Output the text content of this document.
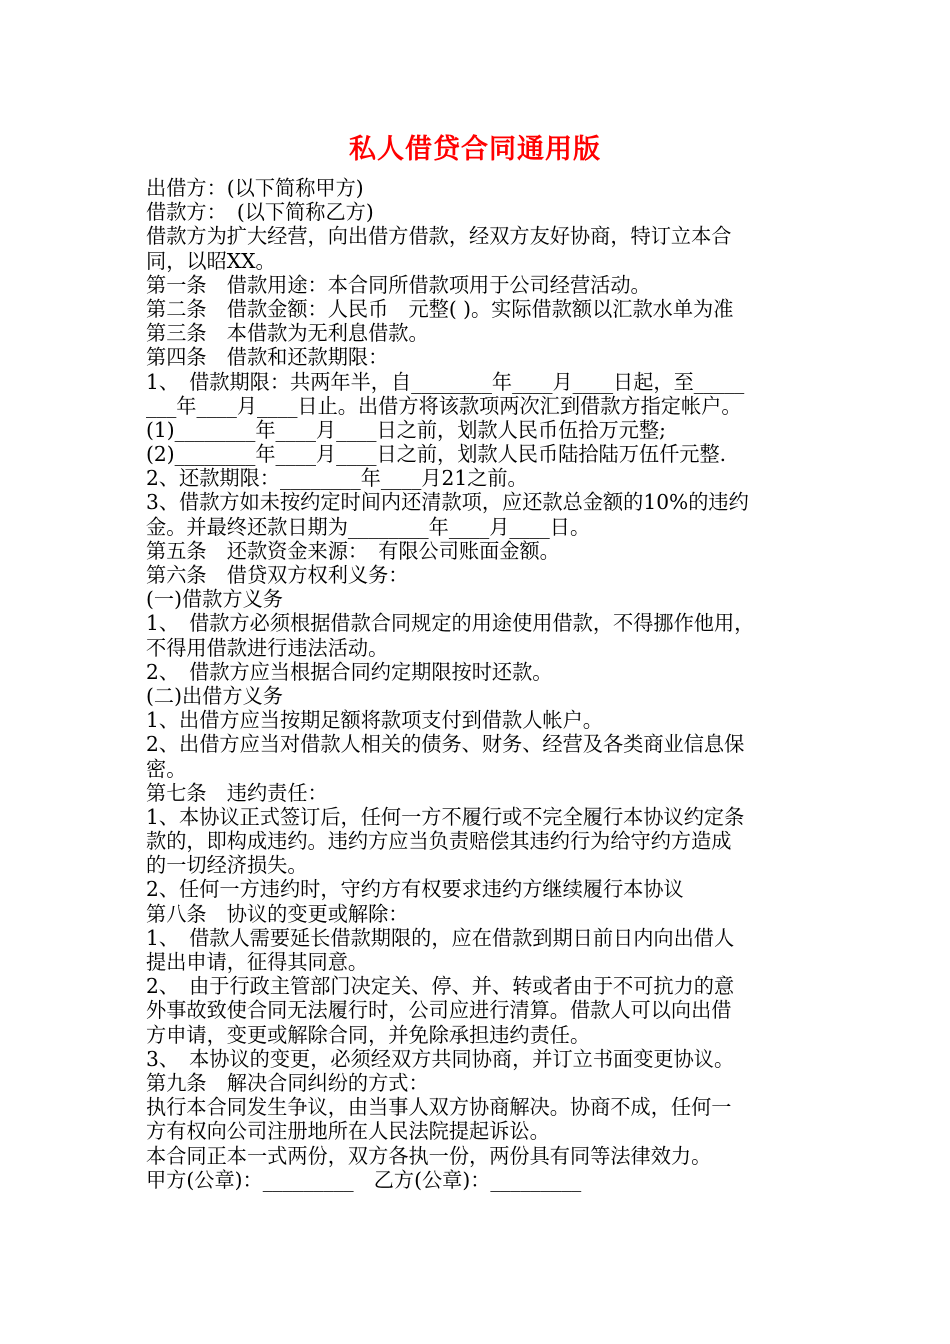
私人借贷合同通用版
出借方：(以下简称甲方)
借款方：　(以下简称乙方)
借款方为扩大经营，向出借方借款，经双方友好协商，特订立本合
同，以昭XX。
第一条　借款用途：本合同所借款项用于公司经营活动。
第二条　借款金额：人民币　元整( )。实际借款额以汇款水单为准
第三条　本借款为无利息借款。
第四条　借款和还款期限：
1、　借款期限：共两年半，自________年____月____日起，至_____
___年____月____日止。出借方将该款项两次汇到借款方指定帐户。
(1)________年____月____日之前，划款人民币伍拾万元整;
(2)________年____月____日之前，划款人民币陆拾陆万伍仟元整.
2、还款期限：________年____月21之前。
3、借款方如未按约定时间内还清款项，应还款总金额的10%的违约
金。并最终还款日期为________年____月____日。
第五条　还款资金来源：　有限公司账面金额。
第六条　借贷双方权利义务：
(一)借款方义务
1、　借款方必须根据借款合同规定的用途使用借款，不得挪作他用，
不得用借款进行违法活动。
2、　借款方应当根据合同约定期限按时还款。
(二)出借方义务
1、出借方应当按期足额将款项支付到借款人帐户。
2、出借方应当对借款人相关的债务、财务、经营及各类商业信息保
密。
第七条　违约责任：
1、本协议正式签订后，任何一方不履行或不完全履行本协议约定条
款的，即构成违约。违约方应当负责赔偿其违约行为给守约方造成
的一切经济损失。
2、任何一方违约时，守约方有权要求违约方继续履行本协议
第八条　协议的变更或解除：
1、　借款人需要延长借款期限的，应在借款到期日前日内向出借人
提出申请，征得其同意。
2、　由于行政主管部门决定关、停、并、转或者由于不可抗力的意
外事故致使合同无法履行时，公司应进行清算。借款人可以向出借
方申请，变更或解除合同，并免除承担违约责任。
3、　本协议的变更，必须经双方共同协商，并订立书面变更协议。
第九条　解决合同纠纷的方式：
执行本合同发生争议，由当事人双方协商解决。协商不成，任何一
方有权向公司注册地所在人民法院提起诉讼。
本合同正本一式两份，双方各执一份，两份具有同等法律效力。
甲方(公章)：_________　乙方(公章)：_________
